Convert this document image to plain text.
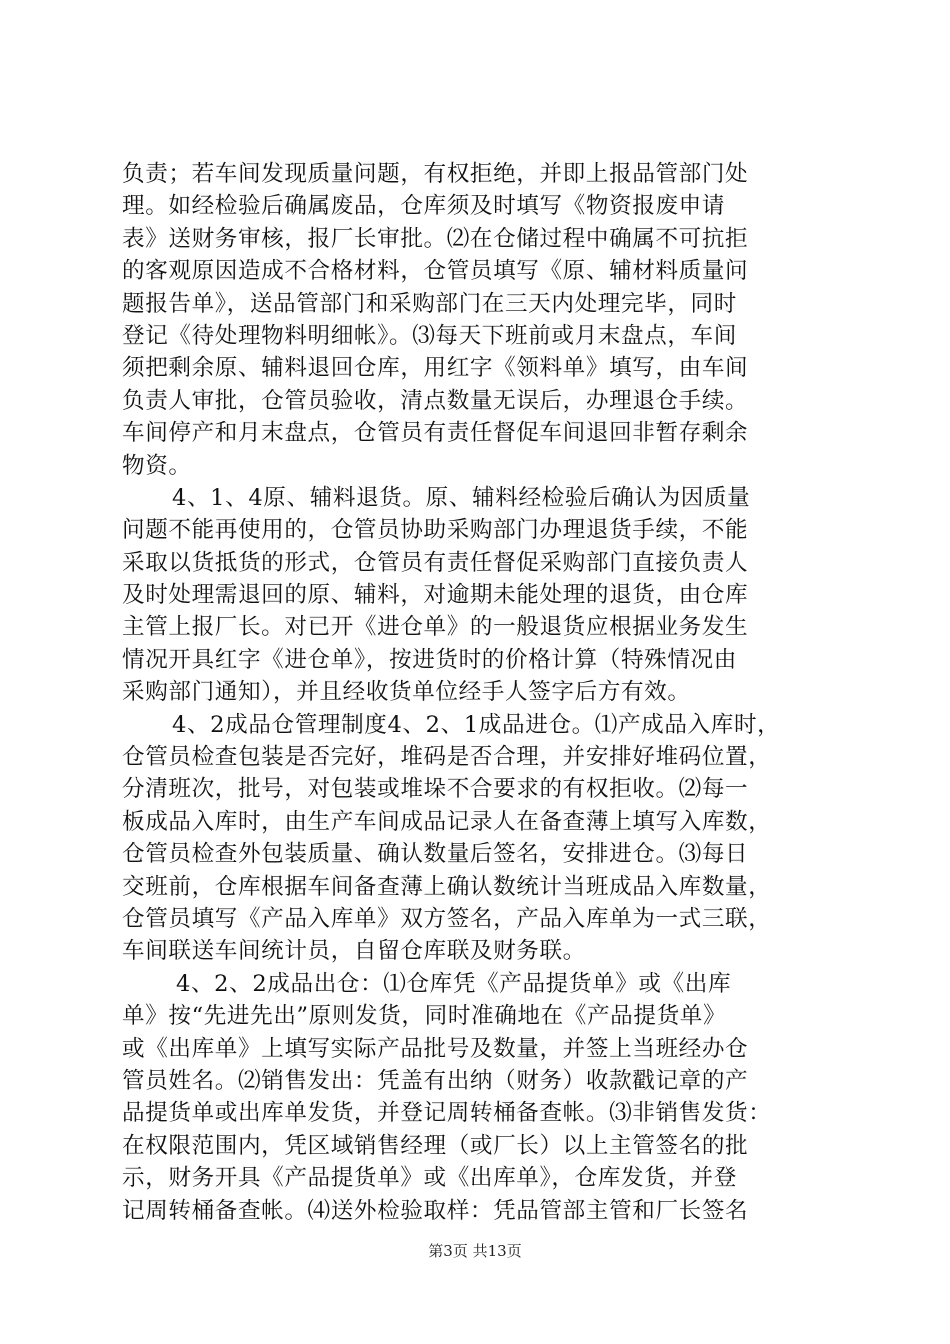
负责；若车间发现质量问题，有权拒绝，并即上报品管部门处
理。如经检验后确属废品，仓库须及时填写《物资报废申请
表》送财务审核，报厂长审批。⑵在仓储过程中确属不可抗拒
的客观原因造成不合格材料，仓管员填写《原、辅材料质量问
题报告单》，送品管部门和采购部门在三天内处理完毕，同时
登记《待处理物料明细帐》。⑶每天下班前或月末盘点，车间
须把剩余原、辅料退回仓库，用红字《领料单》填写，由车间
负责人审批，仓管员验收，清点数量无误后，办理退仓手续。
车间停产和月末盘点，仓管员有责任督促车间退回非暂存剩余
物资。
4、1、4原、辅料退货。原、辅料经检验后确认为因质量
问题不能再使用的，仓管员协助采购部门办理退货手续，不能
采取以货抵货的形式，仓管员有责任督促采购部门直接负责人
及时处理需退回的原、辅料，对逾期未能处理的退货，由仓库
主管上报厂长。对已开《进仓单》的一般退货应根据业务发生
情况开具红字《进仓单》，按进货时的价格计算（特殊情况由
采购部门通知），并且经收货单位经手人签字后方有效。
4、2成品仓管理制度4、2、1成品进仓。⑴产成品入库时，
仓管员检查包装是否完好，堆码是否合理，并安排好堆码位置，
分清班次，批号，对包装或堆垛不合要求的有权拒收。⑵每一
板成品入库时，由生产车间成品记录人在备查薄上填写入库数，
仓管员检查外包装质量、确认数量后签名，安排进仓。⑶每日
交班前，仓库根据车间备查薄上确认数统计当班成品入库数量，
仓管员填写《产品入库单》双方签名，产品入库单为一式三联，
车间联送车间统计员，自留仓库联及财务联。
4、2、2成品出仓：⑴仓库凭《产品提货单》或《出库
单》按“先进先出”原则发货，同时准确地在《产品提货单》
或《出库单》上填写实际产品批号及数量，并签上当班经办仓
管员姓名。⑵销售发出：凭盖有出纳（财务）收款戳记章的产
品提货单或出库单发货，并登记周转桶备查帐。⑶非销售发货：
在权限范围内，凭区域销售经理（或厂长）以上主管签名的批
示，财务开具《产品提货单》或《出库单》，仓库发货，并登
记周转桶备查帐。⑷送外检验取样：凭品管部主管和厂长签名
第3页 共13页
